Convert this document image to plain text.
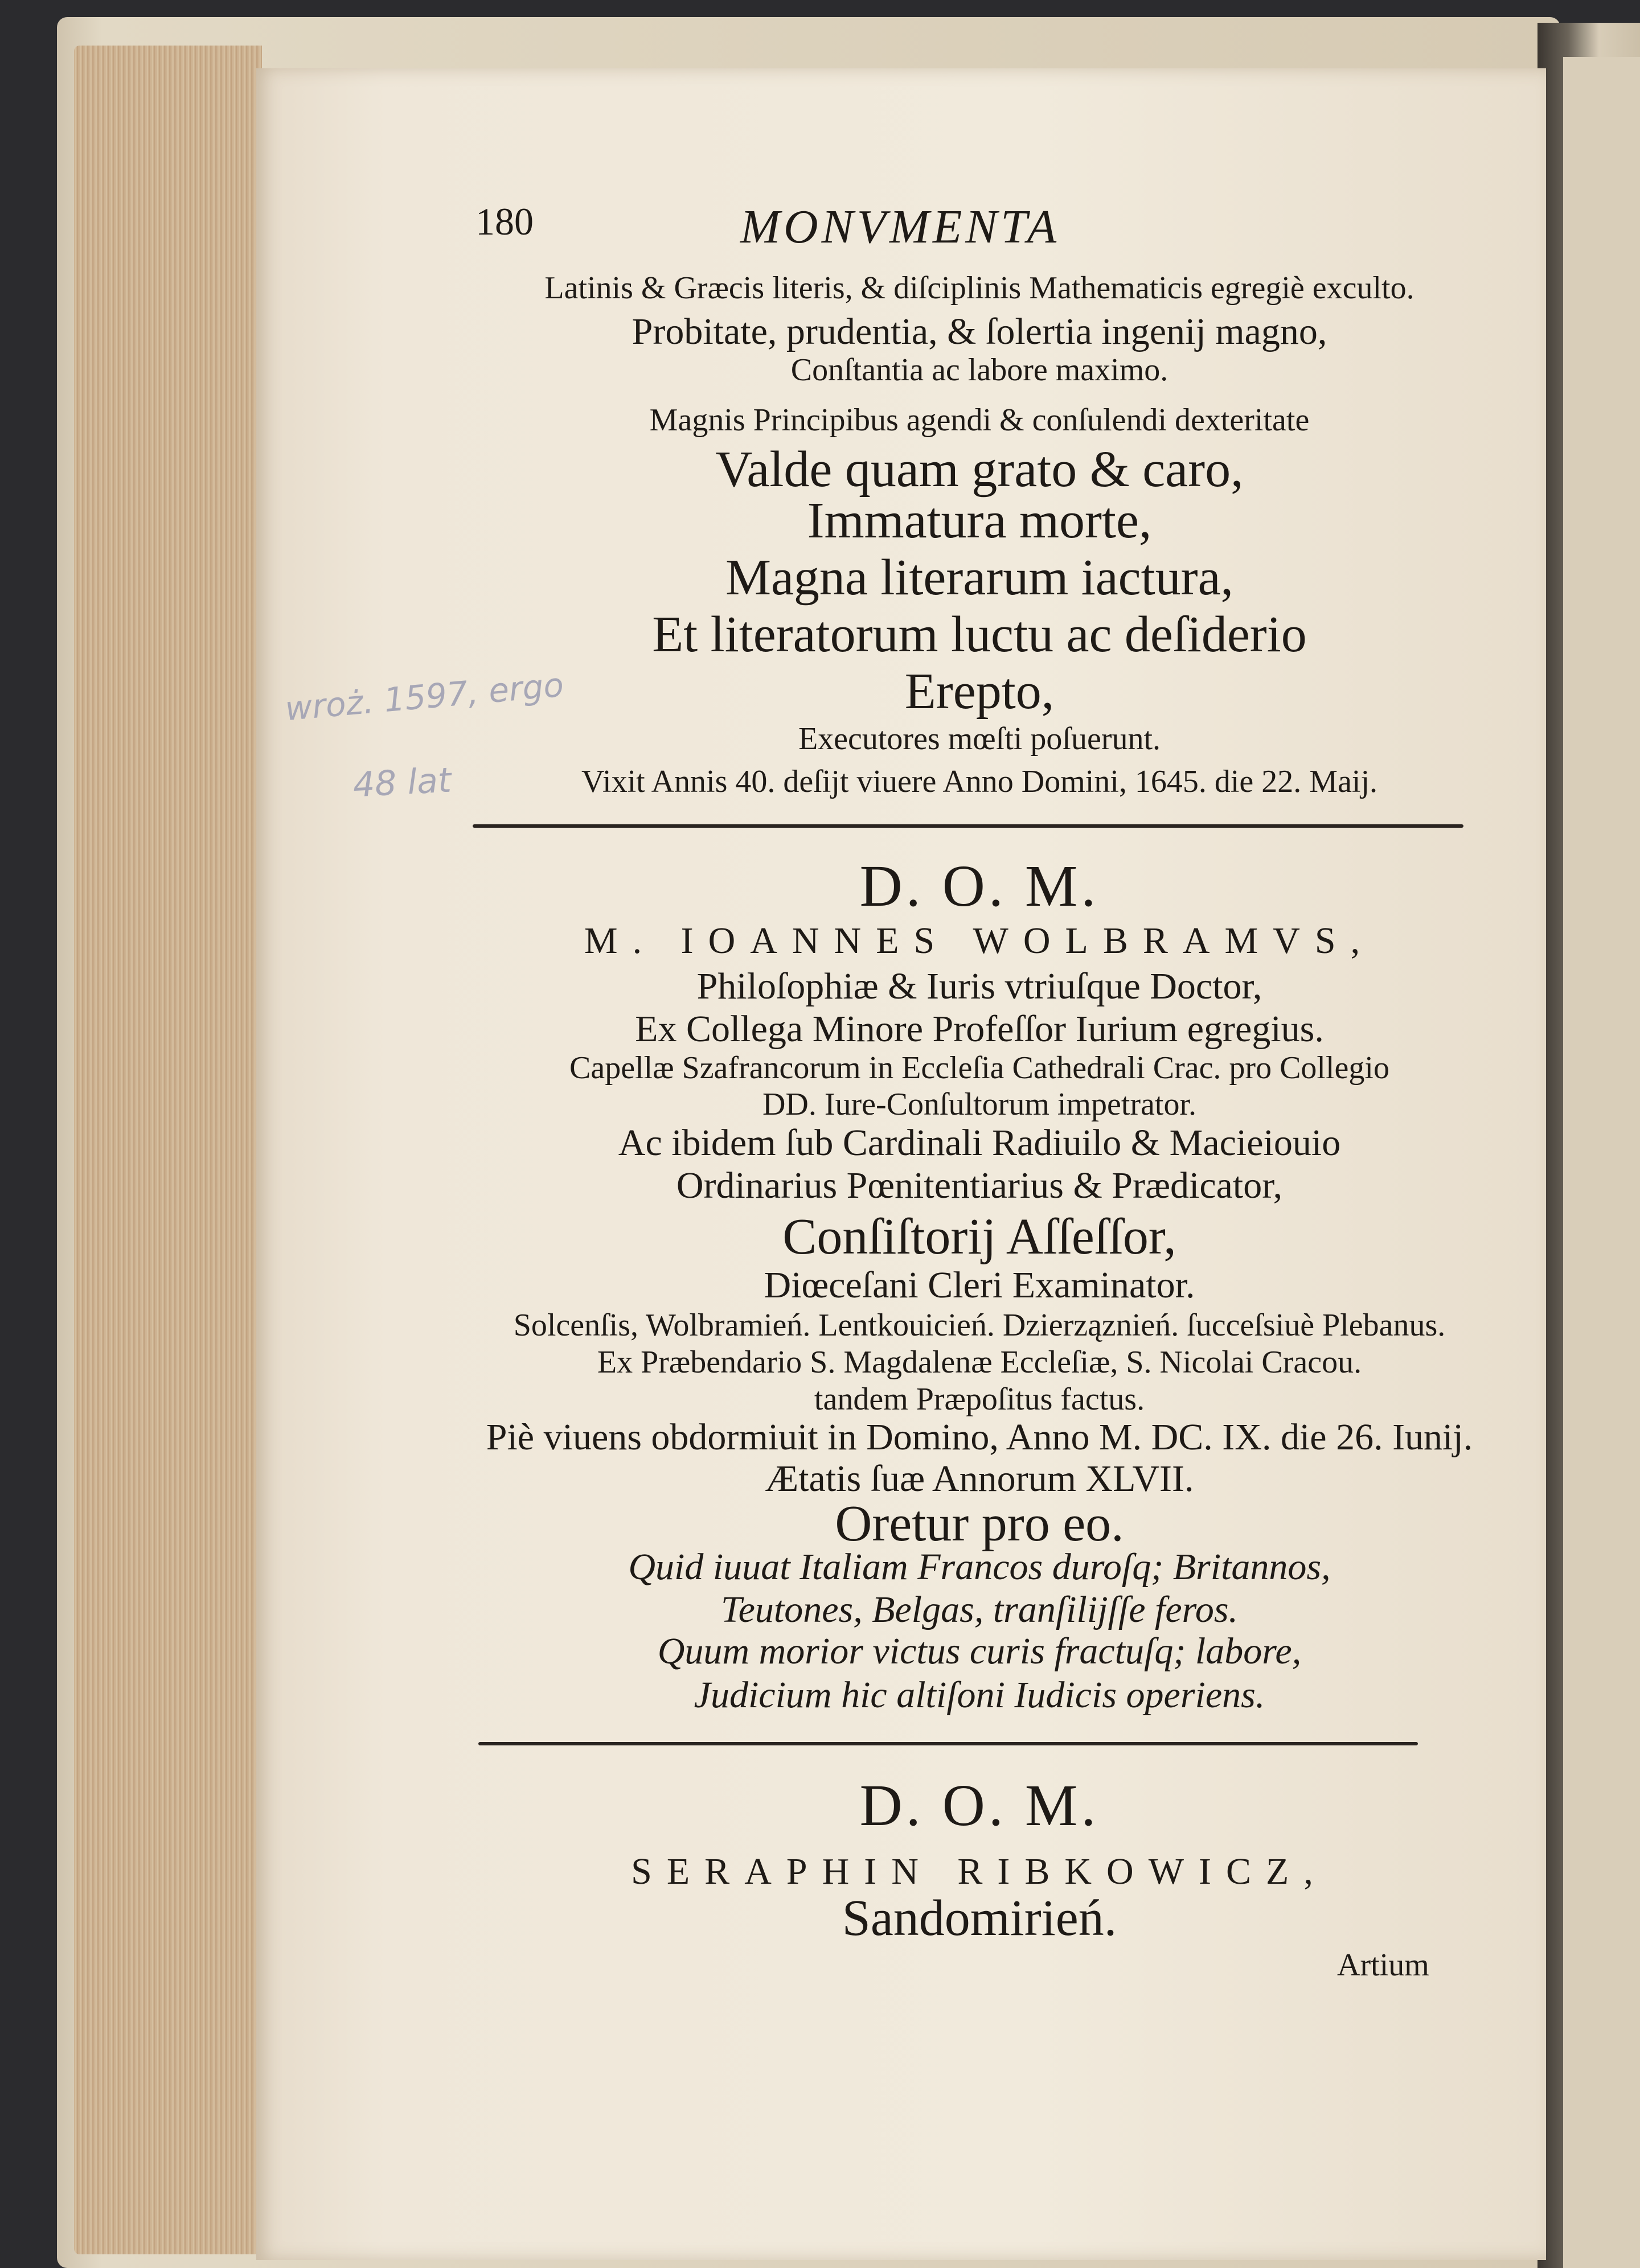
180	MONVMENTA
Latinis & Græcis literis, & diſciplinis Mathematicis egregiè exculto.
Probitate, prudentia, & ſolertia ingenij magno,
Conſtantia ac labore maximo.
Magnis Principibus agendi & conſulendi dexteritate
Valde quam grato & caro,
Immatura morte,
Magna literarum iactura,
Et literatorum luctu ac deſiderio
Erepto,
Executores mœſti poſuerunt.
Vixit Annis 40. deſijt viuere Anno Domini, 1645. die 22. Maij.
wroż. 1597, ergo
48 lat
D. O. M.
M. IOANNES WOLBRAMVS,
Philoſophiæ & Iuris vtriuſque Doctor,
Ex Collega Minore Profeſſor Iurium egregius.
Capellæ Szafrancorum in Eccleſia Cathedrali Crac. pro Collegio
DD. Iure-Conſultorum impetrator.
Ac ibidem ſub Cardinali Radiuilo & Macieiouio
Ordinarius Pœnitentiarius & Prædicator,
Conſiſtorij Aſſeſſor,
Diœceſani Cleri Examinator.
Solcenſis, Wolbramień. Lentkouicień. Dzierząznień. ſucceſsiuè Plebanus.
Ex Præbendario S. Magdalenæ Eccleſiæ, S. Nicolai Cracou.
tandem Præpoſitus factus.
Piè viuens obdormiuit in Domino, Anno M. DC. IX. die 26. Iunij.
Ætatis ſuæ Annorum XLVII.
Oretur pro eo.
Quid iuuat Italiam Francos duroſq; Britannos,
Teutones, Belgas, tranſilijſſe feros.
Quum morior victus curis fractuſq; labore,
Judicium hic altiſoni Iudicis operiens.
D. O. M.
SERAPHIN RIBKOWICZ,
Sandomirień.
Artium
